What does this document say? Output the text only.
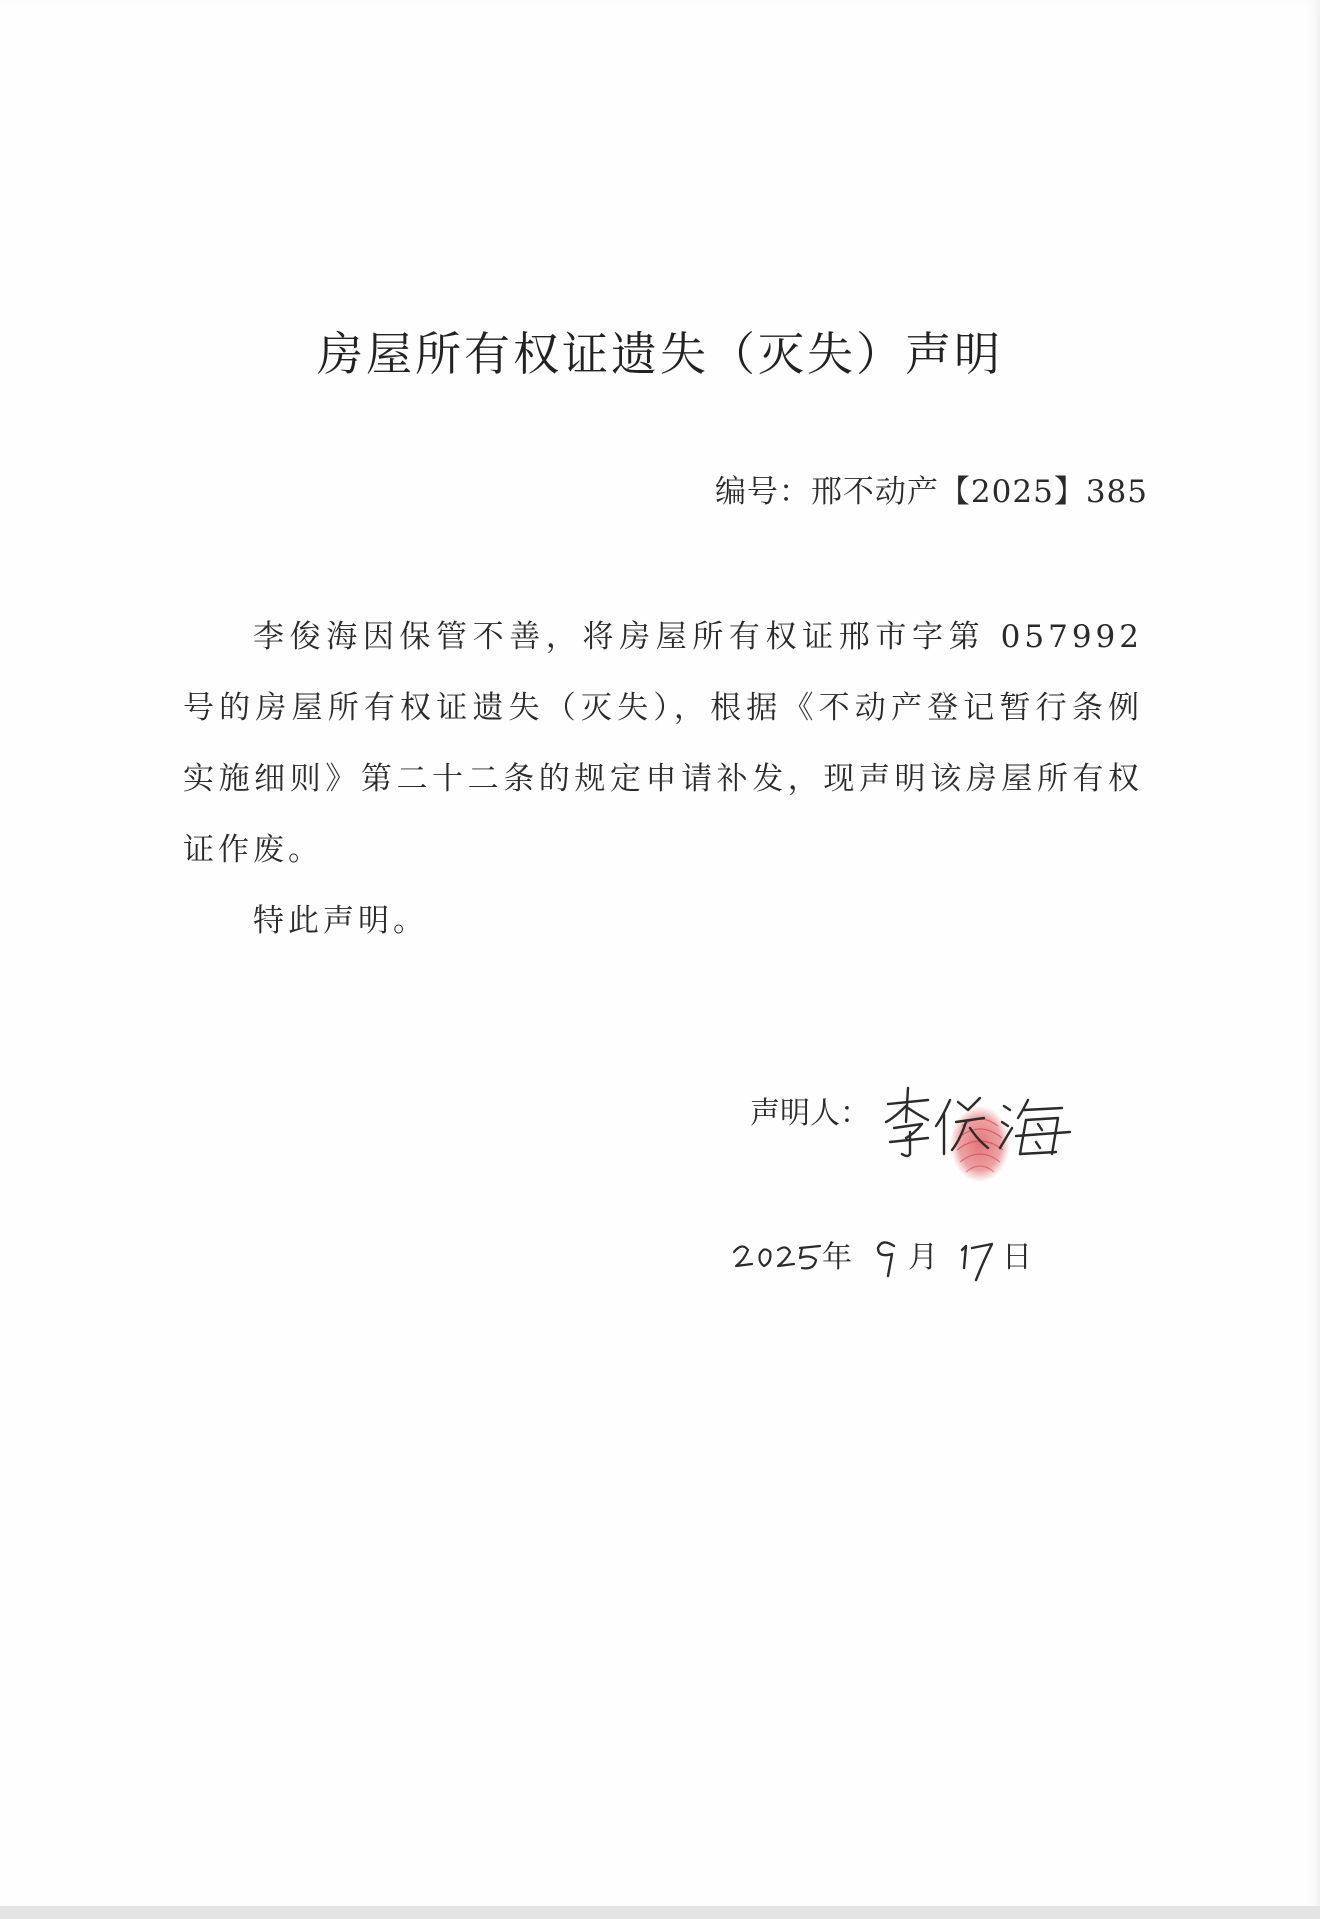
房屋所有权证遗失（灭失）声明
编号：邢不动产【2025】385

李俊海因保管不善，将房屋所有权证邢市字第 057992 号的房屋所有权证遗失（灭失），根据《不动产登记暂行条例实施细则》第二十二条的规定申请补发，现声明该房屋所有权证作废。

特此声明。

声明人：
李俊海
2025
年
9
月
17
日
